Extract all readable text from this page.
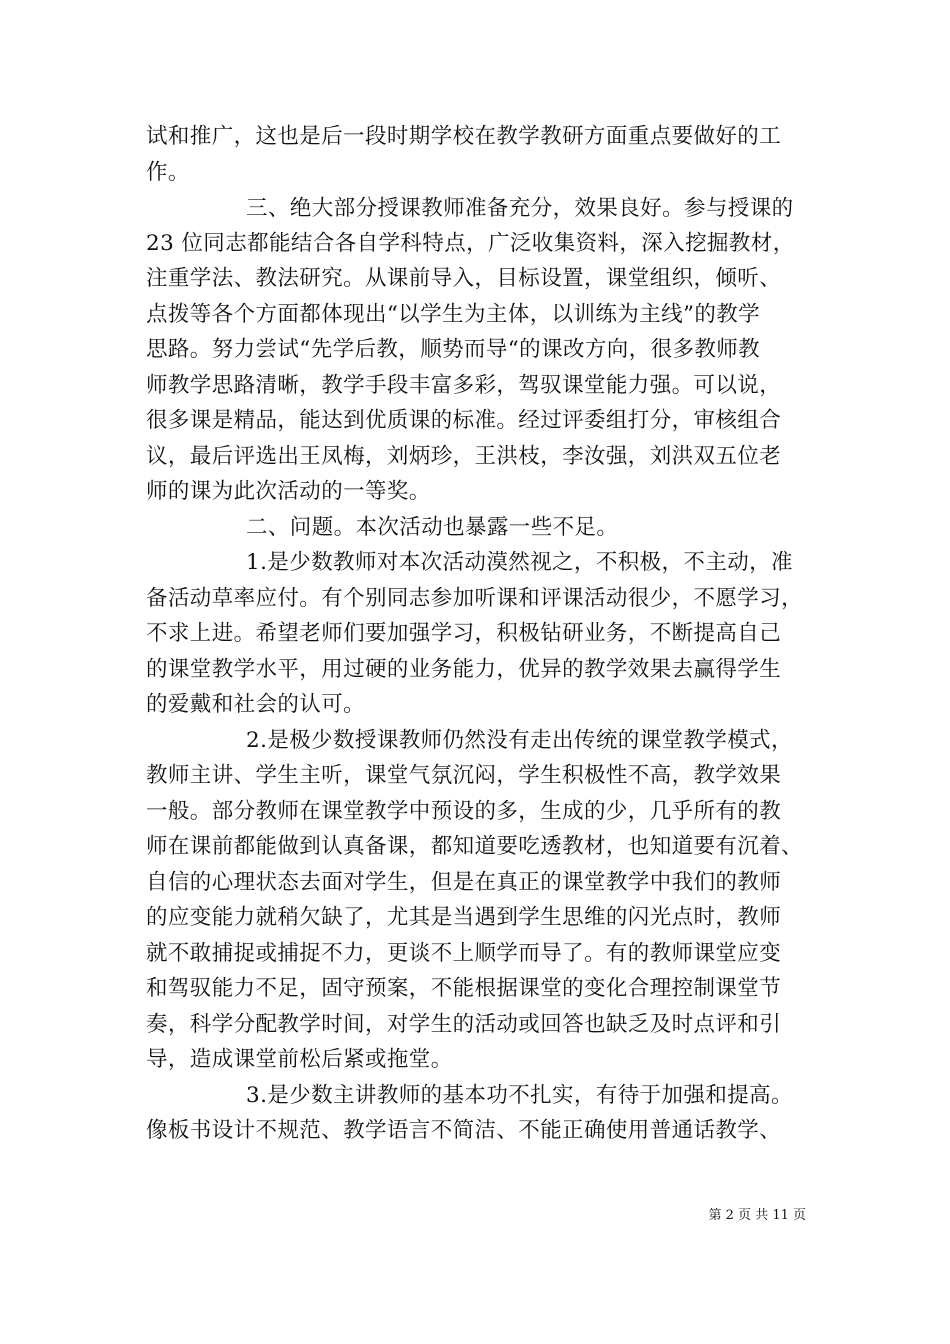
试和推广，这也是后一段时期学校在教学教研方面重点要做好的工
作。
三、绝大部分授课教师准备充分，效果良好。参与授课的
23 位同志都能结合各自学科特点，广泛收集资料，深入挖掘教材，
注重学法、教法研究。从课前导入，目标设置，课堂组织，倾听、
点拨等各个方面都体现出“以学生为主体，以训练为主线”的教学
思路。努力尝试“先学后教，顺势而导“的课改方向，很多教师教
师教学思路清晰，教学手段丰富多彩，驾驭课堂能力强。可以说，
很多课是精品，能达到优质课的标准。经过评委组打分，审核组合
议，最后评选出王凤梅，刘炳珍，王洪枝，李汝强，刘洪双五位老
师的课为此次活动的一等奖。
二、问题。本次活动也暴露一些不足。
1.是少数教师对本次活动漠然视之，不积极，不主动，准
备活动草率应付。有个别同志参加听课和评课活动很少，不愿学习，
不求上进。希望老师们要加强学习，积极钻研业务，不断提高自己
的课堂教学水平，用过硬的业务能力，优异的教学效果去赢得学生
的爱戴和社会的认可。
2.是极少数授课教师仍然没有走出传统的课堂教学模式，
教师主讲、学生主听，课堂气氛沉闷，学生积极性不高，教学效果
一般。部分教师在课堂教学中预设的多，生成的少，几乎所有的教
师在课前都能做到认真备课，都知道要吃透教材，也知道要有沉着、
自信的心理状态去面对学生，但是在真正的课堂教学中我们的教师
的应变能力就稍欠缺了，尤其是当遇到学生思维的闪光点时，教师
就不敢捕捉或捕捉不力，更谈不上顺学而导了。有的教师课堂应变
和驾驭能力不足，固守预案，不能根据课堂的变化合理控制课堂节
奏，科学分配教学时间，对学生的活动或回答也缺乏及时点评和引
导，造成课堂前松后紧或拖堂。
3.是少数主讲教师的基本功不扎实，有待于加强和提高。
像板书设计不规范、教学语言不简洁、不能正确使用普通话教学、
第 2 页 共 11 页
